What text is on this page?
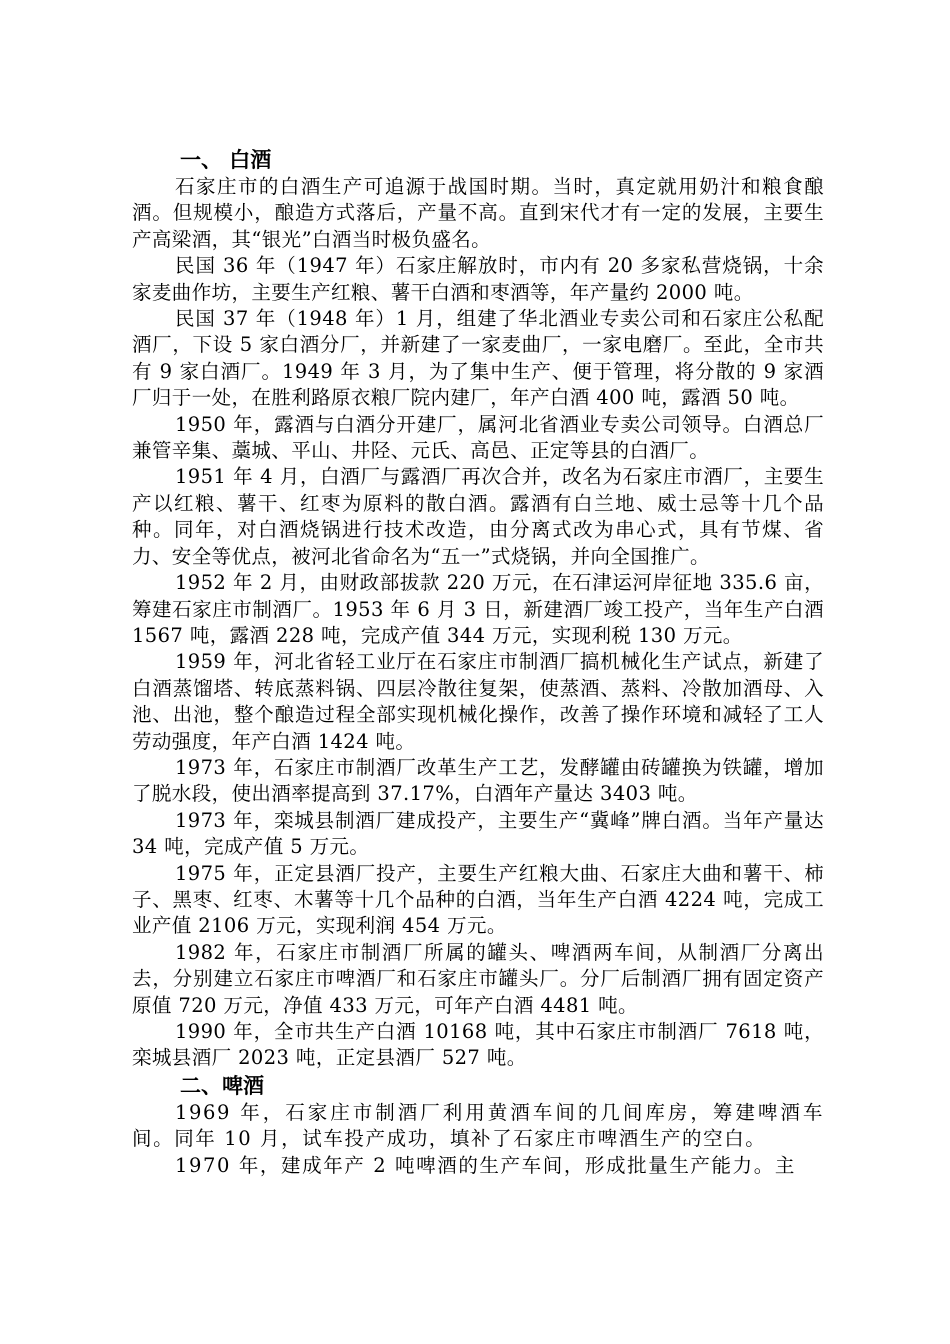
一、 白酒

石家庄市的白酒生产可追源于战国时期。当时，真定就用奶汁和粮食酿酒。但规模小，酿造方式落后，产量不高。直到宋代才有一定的发展，主要生产高梁酒，其“银光”白酒当时极负盛名。

民国 36 年（1947 年）石家庄解放时，市内有 20 多家私营烧锅，十余家麦曲作坊，主要生产红粮、薯干白酒和枣酒等，年产量约 2000 吨。

民国 37 年（1948 年）1 月，组建了华北酒业专卖公司和石家庄公私配酒厂，下设 5 家白酒分厂，并新建了一家麦曲厂，一家电磨厂。至此，全市共有 9 家白酒厂。1949 年 3 月，为了集中生产、便于管理，将分散的 9 家酒厂归于一处，在胜利路原衣粮厂院内建厂，年产白酒 400 吨，露酒 50 吨。

1950 年，露酒与白酒分开建厂，属河北省酒业专卖公司领导。白酒总厂兼管辛集、藁城、平山、井陉、元氏、高邑、正定等县的白酒厂。

1951 年 4 月，白酒厂与露酒厂再次合并，改名为石家庄市酒厂，主要生产以红粮、薯干、红枣为原料的散白酒。露酒有白兰地、威士忌等十几个品种。同年，对白酒烧锅进行技术改造，由分离式改为串心式，具有节煤、省力、安全等优点，被河北省命名为“五一”式烧锅，并向全国推广。

1952 年 2 月，由财政部拔款 220 万元，在石津运河岸征地 335.6 亩，筹建石家庄市制酒厂。1953 年 6 月 3 日，新建酒厂竣工投产，当年生产白酒 1567 吨，露酒 228 吨，完成产值 344 万元，实现利税 130 万元。

1959 年，河北省轻工业厅在石家庄市制酒厂搞机械化生产试点，新建了白酒蒸馏塔、转底蒸料锅、四层冷散往复架，使蒸酒、蒸料、冷散加酒母、入池、出池，整个酿造过程全部实现机械化操作，改善了操作环境和减轻了工人劳动强度，年产白酒 1424 吨。

1973 年，石家庄市制酒厂改革生产工艺，发酵罐由砖罐换为铁罐，增加了脱水段，使出酒率提高到 37.17%，白酒年产量达 3403 吨。

1973 年，栾城县制酒厂建成投产，主要生产“冀峰”牌白酒。当年产量达 34 吨，完成产值 5 万元。

1975 年，正定县酒厂投产，主要生产红粮大曲、石家庄大曲和薯干、柿子、黑枣、红枣、木薯等十几个品种的白酒，当年生产白酒 4224 吨，完成工业产值 2106 万元，实现利润 454 万元。

1982 年，石家庄市制酒厂所属的罐头、啤酒两车间，从制酒厂分离出去，分别建立石家庄市啤酒厂和石家庄市罐头厂。分厂后制酒厂拥有固定资产原值 720 万元，净值 433 万元，可年产白酒 4481 吨。

1990 年，全市共生产白酒 10168 吨，其中石家庄市制酒厂 7618 吨，栾城县酒厂 2023 吨，正定县酒厂 527 吨。

二、啤酒

1969 年，石家庄市制酒厂利用黄酒车间的几间库房，筹建啤酒车间。同年 10 月，试车投产成功，填补了石家庄市啤酒生产的空白。

1970 年，建成年产 2 吨啤酒的生产车间，形成批量生产能力。主
